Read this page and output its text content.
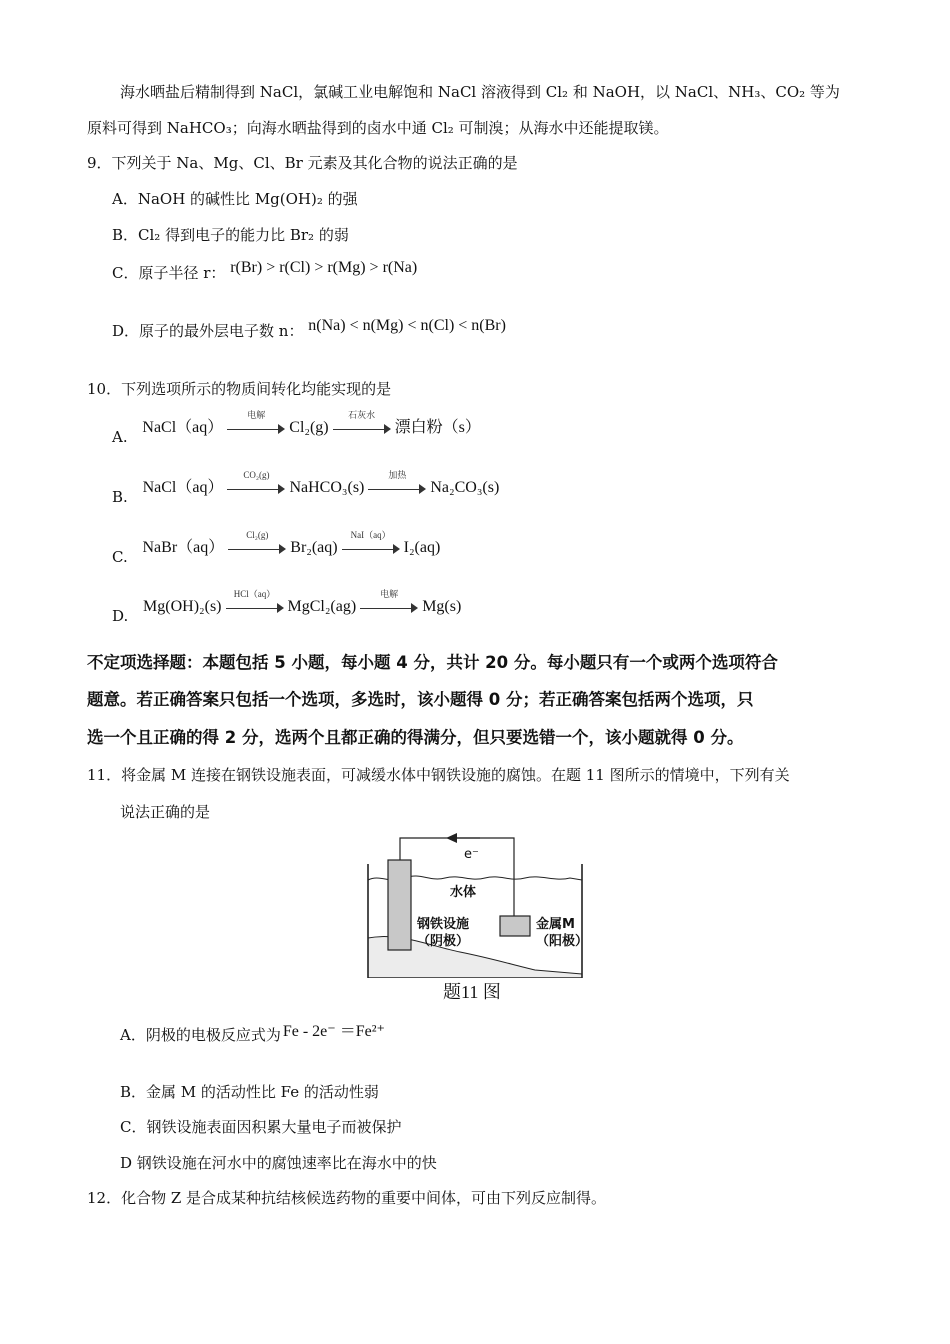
海水晒盐后精制得到 NaCl，氯碱工业电解饱和 NaCl 溶液得到 Cl₂ 和 NaOH，以 NaCl、NH₃、CO₂ 等为
原料可得到 NaHCO₃；向海水晒盐得到的卤水中通 Cl₂ 可制溴；从海水中还能提取镁。
9．下列关于 Na、Mg、Cl、Br 元素及其化合物的说法正确的是
A．NaOH 的碱性比 Mg(OH)₂ 的强
B．Cl₂ 得到电子的能力比 Br₂ 的弱
C．原子半径 r： r(Br) > r(Cl) > r(Mg) > r(Na)
D．原子的最外层电子数 n： n(Na) < n(Mg) < n(Cl) < n(Br)
10．下列选项所示的物质间转化均能实现的是
A. NaCl（aq）
电解
Cl₂(g)
石灰水
漂白粉（s）
B. NaCl（aq）
CO₂(g)
NaHCO₃(s)
加热
Na₂CO₃(s)
C. NaBr（aq）
Cl₂(g)
Br₂(aq)
NaI（aq）
I₂(aq)
D. Mg(OH)₂(s)
HCl（aq）
MgCl₂(ag)
电解
Mg(s)
不定项选择题：本题包括 5 小题，每小题 4 分，共计 20 分。每小题只有一个或两个选项符合
题意。若正确答案只包括一个选项，多选时，该小题得 0 分；若正确答案包括两个选项，只
选一个且正确的得 2 分，选两个且都正确的得满分，但只要选错一个，该小题就得 0 分。
11．将金属 M 连接在钢铁设施表面，可减缓水体中钢铁设施的腐蚀。在题 11 图所示的情境中，下列有关
说法正确的是
e⁻
水体
钢铁设施
（阴极）
金属M
（阳极）
题11 图
A．阴极的电极反应式为 Fe - 2e⁻ ＝Fe²⁺
B．金属 M 的活动性比 Fe 的活动性弱
C．钢铁设施表面因积累大量电子而被保护
D 钢铁设施在河水中的腐蚀速率比在海水中的快
12．化合物 Z 是合成某种抗结核候选药物的重要中间体，可由下列反应制得。
